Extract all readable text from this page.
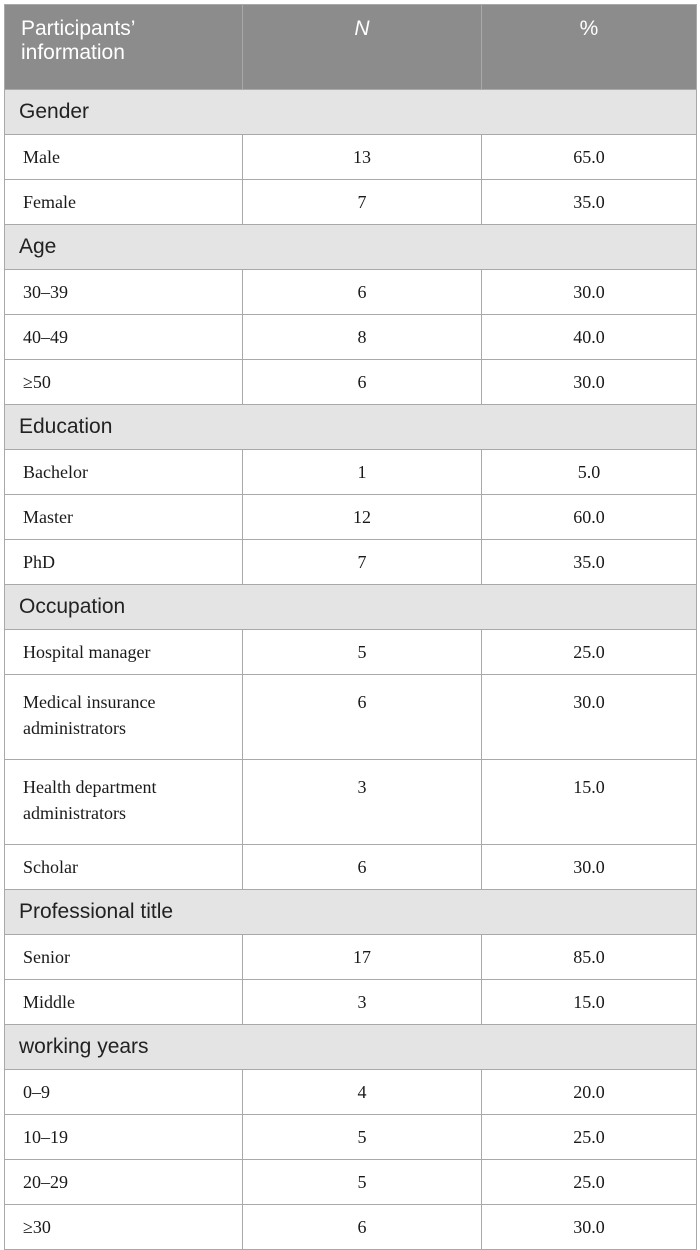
Participants’ information	N	%
Gender		
Male	13	65.0
Female	7	35.0
Age		
30–39	6	30.0
40–49	8	40.0
≥50	6	30.0
Education		
Bachelor	1	5.0
Master	12	60.0
PhD	7	35.0
Occupation		
Hospital manager	5	25.0
Medical insurance administrators	6	30.0
Health department administrators	3	15.0
Scholar	6	30.0
Professional title		
Senior	17	85.0
Middle	3	15.0
working years		
0–9	4	20.0
10–19	5	25.0
20–29	5	25.0
≥30	6	30.0
